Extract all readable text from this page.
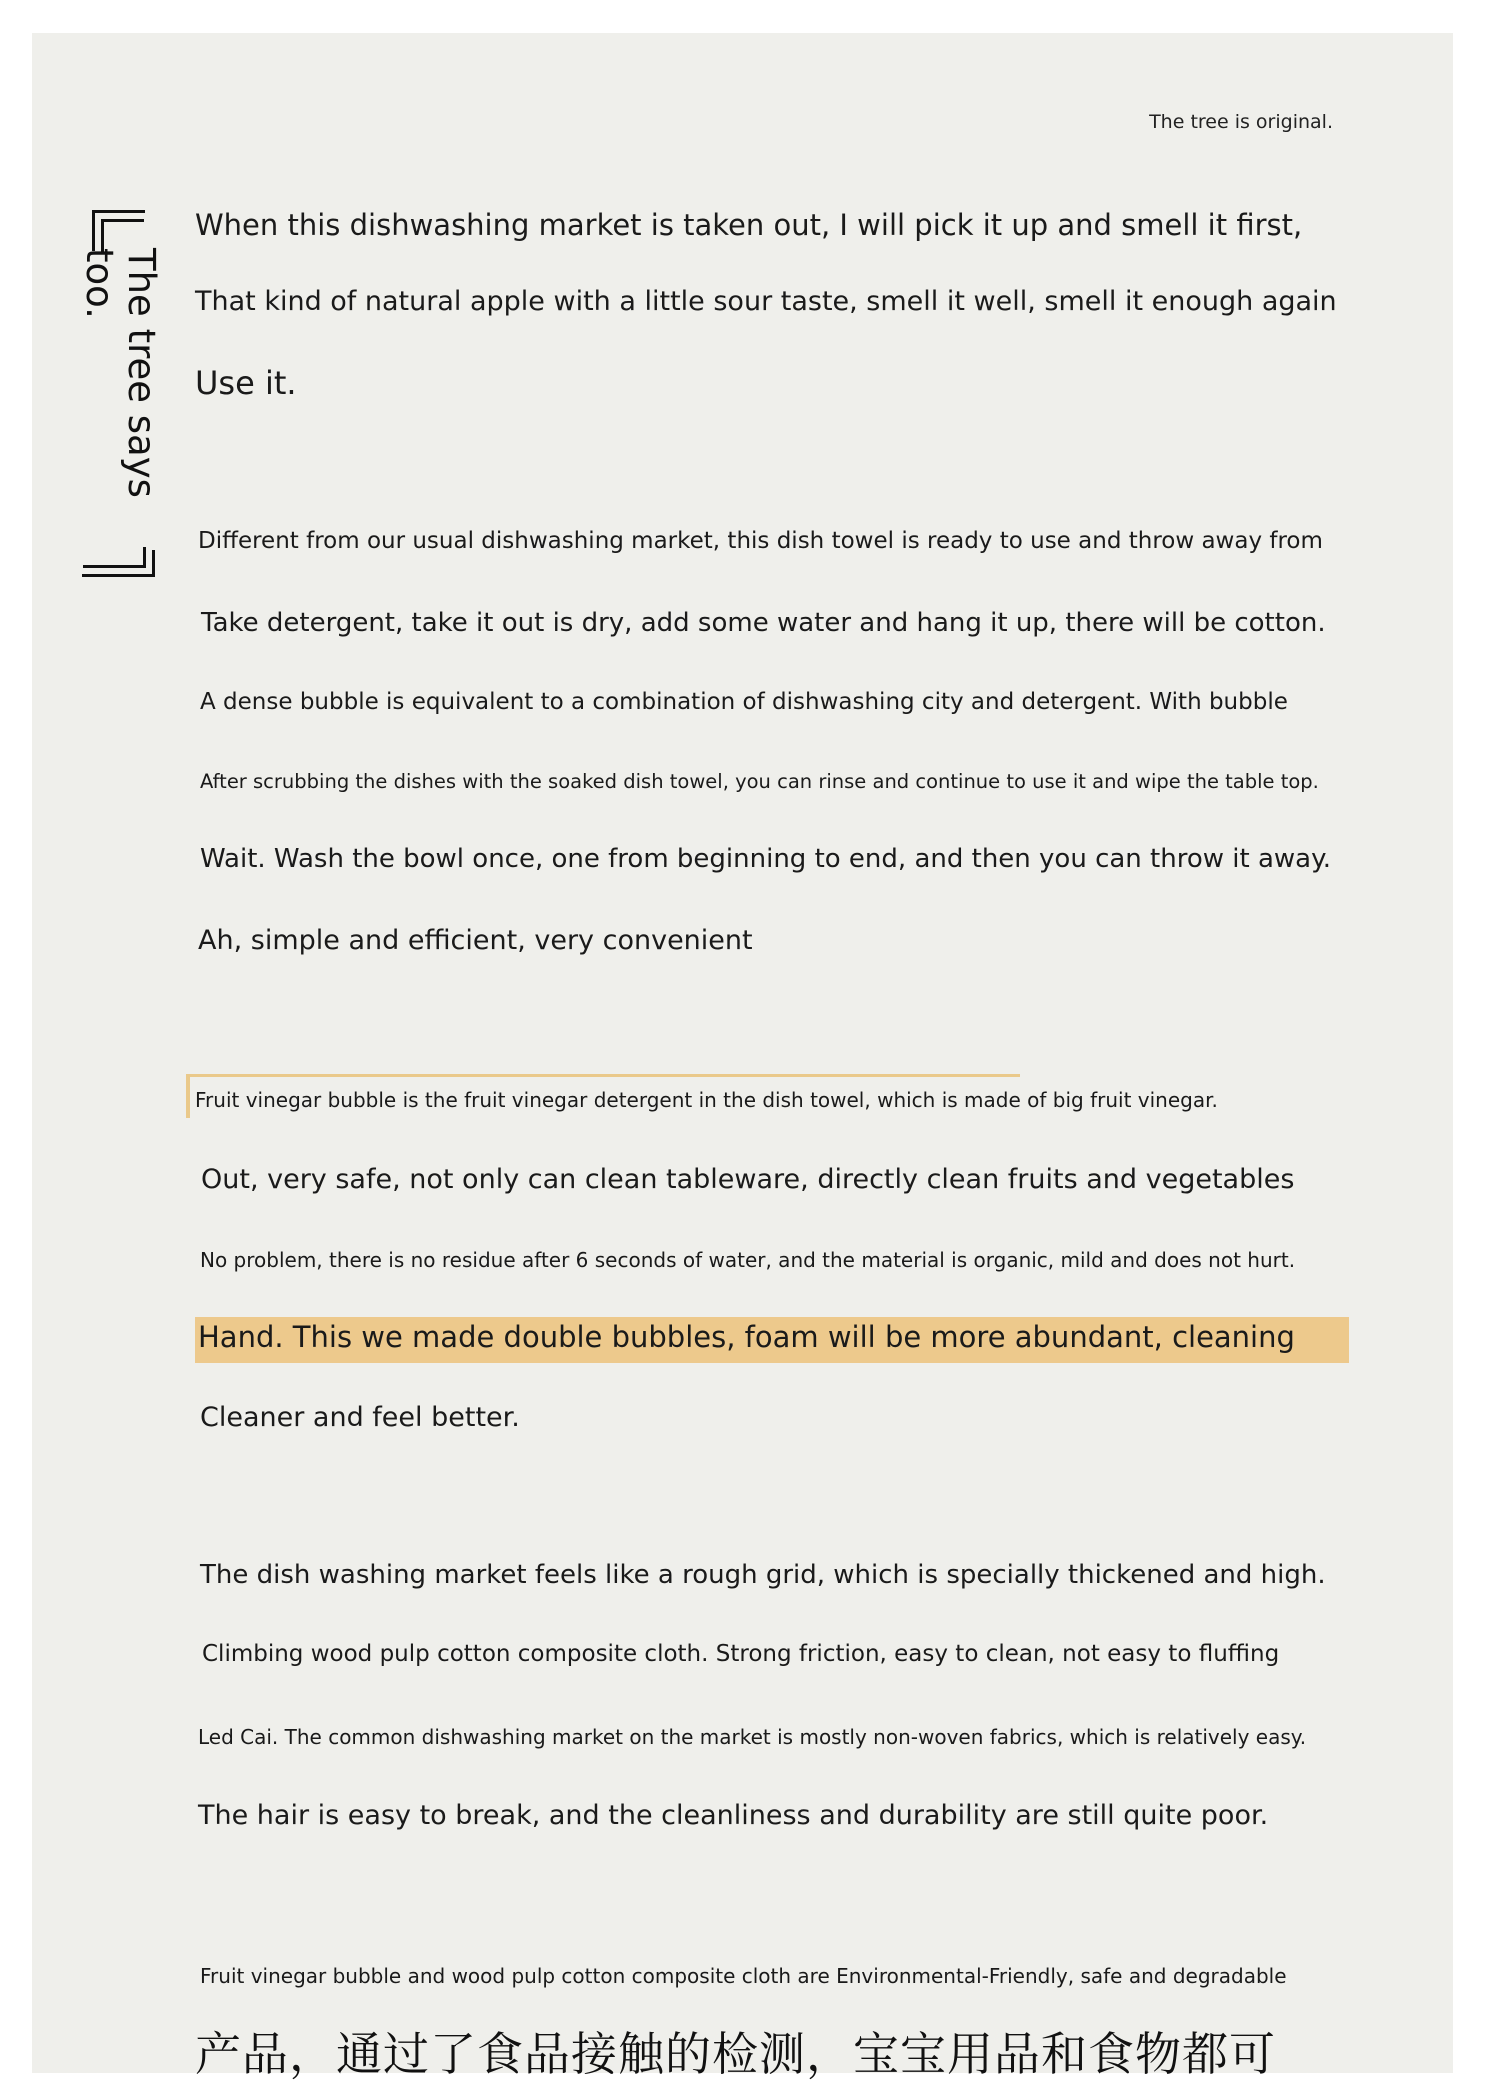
The tree is original.
The tree says too.
When this dishwashing market is taken out, I will pick it up and smell it first,
That kind of natural apple with a little sour taste, smell it well, smell it enough again
Use it.
Different from our usual dishwashing market, this dish towel is ready to use and throw away from
Take detergent, take it out is dry, add some water and hang it up, there will be cotton.
A dense bubble is equivalent to a combination of dishwashing city and detergent. With bubble
After scrubbing the dishes with the soaked dish towel, you can rinse and continue to use it and wipe the table top.
Wait. Wash the bowl once, one from beginning to end, and then you can throw it away.
Ah, simple and efficient, very convenient
Fruit vinegar bubble is the fruit vinegar detergent in the dish towel, which is made of big fruit vinegar.
Out, very safe, not only can clean tableware, directly clean fruits and vegetables
No problem, there is no residue after 6 seconds of water, and the material is organic, mild and does not hurt.
Hand. This we made double bubbles, foam will be more abundant, cleaning
Cleaner and feel better.
The dish washing market feels like a rough grid, which is specially thickened and high.
Climbing wood pulp cotton composite cloth. Strong friction, easy to clean, not easy to fluffing
Led Cai. The common dishwashing market on the market is mostly non-woven fabrics, which is relatively easy.
The hair is easy to break, and the cleanliness and durability are still quite poor.
Fruit vinegar bubble and wood pulp cotton composite cloth are Environmental-Friendly, safe and degradable
产品，通过了食品接触的检测，宝宝用品和食物都可
